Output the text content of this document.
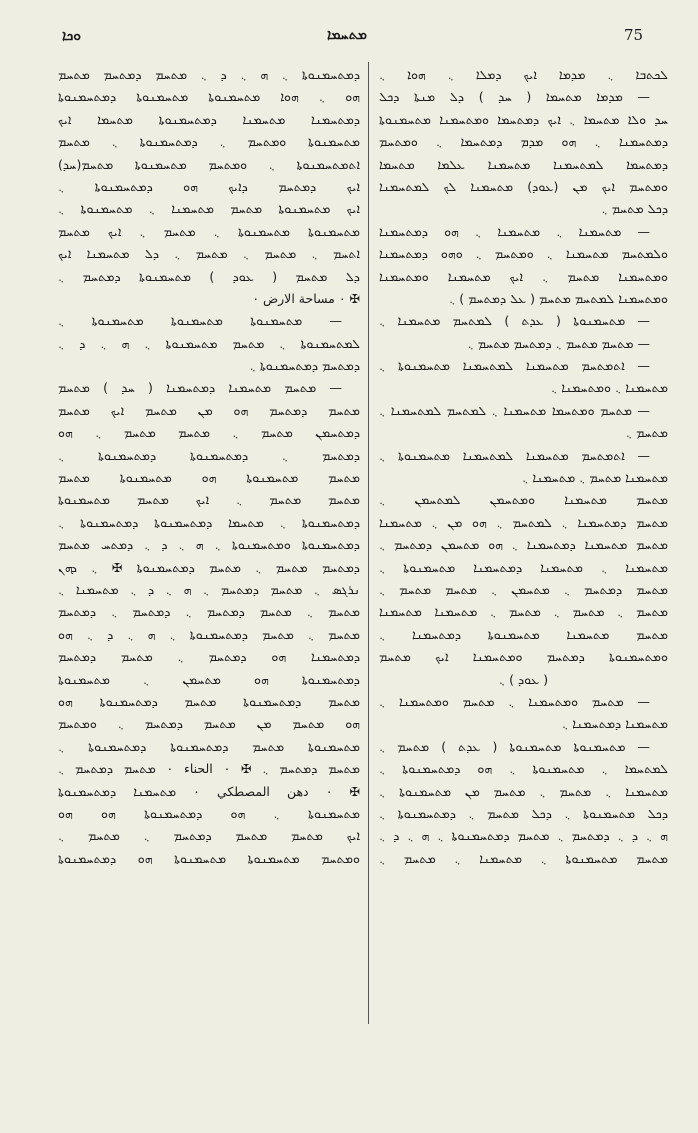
ܘܟܐ	ܡܬܚܡܐ	75
ܕܡܬܚܡܢܘܬܐ ܆ ܗ ܆ ܕ ܆ ܡܬܚܡ ܕܡܬܚܡ ܡܬܚܡ
ܗܘ ܆ ܗܘܐ ܡܬܚܡܢܘܬܐ ܡܬܚܡܢܘܬܐ ܕܡܬܚܡܢܘܬܐ
ܕܡܬܚܡܢܐ ܡܬܚܡܢܐ ܕܡܬܚܡܢܘܬܐ ܡܬܚܡܐ ܐܝܟ
ܡܬܚܡܢܘܬܐ ܘܡܬܚܡ ܆ ܕܡܬܚܡܢܘܬܐ ܆ ܡܬܚܡ
ܐܬܡܬܚܡܢܘܬܐ ܆ ܘܡܬܚܡ ܡܬܚܡܢܘܬܐ ܡܬܚܡ(ܚܕ)
ܐܝܟ ܕܡܬܚܡ ܕܐܝܟ ܗܘ ܕܡܬܚܡܢܘܬܐ ܆
ܐܝܟ ܡܬܚܡܢܘܬܐ ܡܬܚܡ ܡܬܚܡܢܐ ܆ ܡܬܚܡܢܘܬܐ ܆
ܡܬܚܡܢܘܬܐ ܡܬܚܡܢܘܬܐ ܆ ܡܬܚܡ ܆ ܐܝܟ ܡܬܚܡ
ܐܬܚܡ ܆ ܡܬܚܡ ܆ ܡܬܚܡ ܆ ܕܠ ܡܬܚܡܢܐ ܐܝܟ
ܕܠ ܡܬܚܡ ( ܥܘܕ ) ܡܬܚܡܢܘܬܐ ܕܡܬܚܡ ܆
✠ ٠ مساحة الارض ٠
— ܡܬܚܡܢܘܬܐ ܡܬܚܡܢܘܬܐ ܡܬܚܡܢܘܬܐ ܆
ܠܡܬܚܡܢܘܬܐ ܆ ܡܬܚܡ ܡܬܚܡܢܘܬܐ ܆ ܗ ܆ ܕ ܆
ܕܡܬܚܡ ܕܡܬܚܡܢܘܬܐ ܆
— ܡܬܚܡ ܡܬܚܡܢܐ ܕܡܬܚܡܢܐ ( ܚܕ ) ܡܬܚܡ
ܡܬܚܡ ܕܡܬܚܡ ܗܘ ܡܢ ܡܬܚܡ ܐܝܟ ܡܬܚܡ
ܕܡܬܚܡܢ ܡܬܚܡ ܆ ܡܬܚܡ ܡܬܚܡ ܆ ܗܘ
ܕܡܬܚܡ ܆ ܕܡܬܚܡܢܘܬܐ ܕܡܬܚܡܢܘܬܐ ܆
ܡܬܚܡ ܡܬܚܡܢܘܬܐ ܗܘ ܡܬܚܡܢܘܬܐ ܡܬܚܡ
ܡܬܚܡ ܡܬܚܡ ܆ ܐܝܟ ܡܬܚܡ ܡܬܚܡܢܘܬܐ
ܕܡܬܚܡܢܘܬܐ ܆ ܡܬܚܡܐ ܕܡܬܚܡܢܘܬܐ ܕܡܬܚܡܢܘܬܐ ܆
ܕܡܬܚܡܢܘܬܐ ܘܡܬܚܡܢܘܬܐ ܆ ܗ ܆ ܕ ܆ ܕܡܬܚ ܡܬܚܡ
ܕܡܬܚܡ ܡܬܚܡ ܆ ܡܬܚܡ ܕܡܬܚܡܢܘܬܐ ✠ ܆ ܕܗܢ
ܢܪܓܣ ܆ ܡܬܚܡ ܕܡܬܚܡ ܆ ܗ ܆ ܕ ܆ ܡܬܚܡܢܐ ܆
ܡܬܚܡ ܆ ܡܬܚܡ ܕܡܬܚܡ ܆ ܕܡܬܚܡ ܆ ܕܡܬܚܡ
ܡܬܚܡ ܆ ܡܬܚܡ ܕܡܬܚܡܢܘܬܐ ܆ ܗ ܆ ܕ ܆ ܗܘ
ܕܡܬܚܡܢܐ ܗܘ ܕܡܬܚܡ ܆ ܡܬܚܡ ܕܡܬܚܡ
ܕܡܬܚܡܢܘܬܐ ܗܘ ܡܬܚܡܢ ܆ ܡܬܚܡܢܘܬܐ
ܡܬܚܡ ܕܡܬܚܡܢܘܬܐ ܡܬܚܡ ܕܡܬܚܡܢܘܬܐ ܗܘ
ܗܘ ܡܬܚܡ ܡܢ ܡܬܚܡ ܕܡܬܚܡ ܆ ܘܡܬܚܡ
ܡܬܚܡܢܘܬܐ ܡܬܚܡ ܕܡܬܚܡܢܘܬܐ ܕܡܬܚܡܢܘܬܐ ܆
ܡܬܚܡ ܕܡܬܚܡ ܆ ✠ ٠ الحناء ٠ ܡܬܚܡ ܕܡܬܚܡ ܆
✠ ٠ دهن المصطكي ٠ ܡܬܚܡܢܐ ܕܡܬܚܡܢܘܬܐ
ܡܬܚܡܢܘܬܐ ܆ ܗܘ ܕܡܬܚܡܢܘܬܐ ܗܘ ܗܘ
ܐܝܟ ܡܬܚܡ ܡܬܚܡ ܕܡܬܚܡ ܆ ܡܬܚܡ ܆
ܘܡܬܚܡ ܡܬܚܡܢܘܬܐ ܡܬܚܡܢܘܬܐ ܗܘ ܕܡܬܚܡܢܘܬܐ
ܠܟܬܒܐ ܆ ܡܕܡܐ ܐܝܟ ܕܡܠܐ ܆ ܗܘܐ ܆
— ܡܕܡܐ ܡܬܚܡܐ ( ܚܕ ) ܕܠ ܡܢܬܐ ܕܟܠ
ܚܕ ܘܠܐ ܡܬܚܡܐ ܆ ܐܝܟ ܕܡܬܚܡܐ ܘܡܬܚܡܢܐ ܡܬܚܡܢܘܬܐ
ܕܡܬܚܡܢܐ ܆ ܗܘ ܡܕܡ ܕܡܬܚܡܐ ܆ ܘܡܬܚܡ
ܕܡܬܚܡܐ ܠܡܬܚܡܢܐ ܡܬܚܡܢܐ ܥܠܡܐ ܡܬܚܡܐ
ܘܡܬܚܡ ܐܝܟ ܡܢ (ܥܘܕ) ܡܬܚܡܢܐ ܠܟ ܠܡܬܚܡܢܐ
ܕܟܠ ܡܬܚܡ ܆
— ܡܬܚܡܢܐ ܆ ܡܬܚܡܢܐ ܆ ܗܘ ܕܡܬܚܡܢܐ
ܘܠܡܬܚܡ ܡܬܚܡܢܐ ܆ ܘܡܬܚܡ ܆ ܘܗܘ ܕܡܬܚܡܢܐ
ܘܡܬܚܡܢܐ ܡܬܚܡ ܆ ܐܝܟ ܡܬܚܡܢܐ ܘܡܬܚܡܢܐ
ܘܡܬܚܡܢܐ ܠܡܬܚܡ ܡܬܚܡ ( ܥܠ ܕܡܬܚܡ ) ܆
— ܡܬܚܡܢܘܬܐ ( ܥܕܬ ) ܠܡܬܚܡ ܡܬܚܡܢܐ ܆
— ܡܬܚܡ ܡܬܚܡ ܆ ܕܡܬܚܡ ܡܬܚܡ ܆
— ܐܬܡܬܚܡ ܡܬܚܡܢܐ ܠܡܬܚܡܢܐ ܡܬܚܡܢܘܬܐ ܆
ܡܬܚܡܢܐ ܆ ܘܡܬܚܡܢܐ ܆
— ܡܬܚܡ ܘܡܬܚܡܐ ܡܬܚܡܢܐ ܆ ܠܡܬܚܡ ܠܡܬܚܡܢܐ ܆
ܡܬܚܡ ܆
— ܐܬܡܬܚܡ ܡܬܚܡܢܐ ܠܡܬܚܡܢܐ ܡܬܚܡܢܘܬܐ ܆
ܡܬܚܡܢܐ ܡܬܚܡ ܆ ܡܬܚܡܢܐ ܆
ܡܬܚܡ ܡܬܚܡܢܐ ܘܡܬܚܡܢ ܠܡܬܚܡܢ ܆
ܡܬܚܡ ܕܡܬܚܡܢܐ ܆ ܠܡܬܚܡ ܆ ܗܘ ܡܢ ܆ ܡܬܚܡܢܐ
ܡܬܚܡ ܡܬܚܡܢܐ ܕܡܬܚܡܢܐ ܆ ܗܘ ܡܬܚܡܢ ܕܡܬܚܡ ܆
ܡܬܚܡܢܐ ܆ ܡܬܚܡܢܐ ܕܡܬܚܡܢܐ ܡܬܚܡܢܘܬܐ ܆
ܡܬܚܡ ܕܡܬܚܡ ܆ ܡܬܚܡܢ ܆ ܡܬܚܡ ܡܬܚܡ ܆
ܡܬܚܡ ܆ ܡܬܚܡ ܆ ܡܬܚܡ ܆ ܡܬܚܡܢܐ ܡܬܚܡܢܐ
ܡܬܚܡ ܡܬܚܡܢܐ ܡܬܚܡܢܘܬܐ ܕܡܬܚܡܢܐ ܆
ܘܡܬܚܡܢܘܬܐ ܕܡܬܚܡ ܘܡܬܚܡܢܐ ܐܝܟ ܡܬܚܡ
( ܥܘܕ ) ܆
— ܡܬܚܡ ܘܡܬܚܡܢܐ ܆ ܡܬܚܡ ܘܡܬܚܡܢܐ ܆
ܡܬܚܡܢܐ ܕܡܬܚܡܢܐ ܆
— ܡܬܚܡܢܘܬܐ ܡܬܚܡܢܘܬܐ ( ܥܕܬ ) ܡܬܚܡ ܆
ܠܡܬܚܡܐ ܆ ܡܬܚܡܢܘܬܐ ܆ ܗܘ ܕܡܬܚܡܢܘܬܐ ܆
ܡܬܚܡܢܐ ܆ ܡܬܚܡ ܆ ܡܬܚܡ ܡܢ ܡܬܚܡܢܘܬܐ ܆
ܕܟܠ ܡܬܚܡܢܘܬܐ ܆ ܕܟܠ ܡܬܚܡ ܆ ܕܡܬܚܡܢܘܬܐ ܆
ܗ ܆ ܕ ܆ ܕܡܬܚܡ ܆ ܡܬܚܡ ܕܡܬܚܡܢܘܬܐ ܆ ܗ ܆ ܕ ܆
ܡܬܚܡ ܡܬܚܡܢܘܬܐ ܆ ܡܬܚܡܢܐ ܆ ܡܬܚܡ ܆
